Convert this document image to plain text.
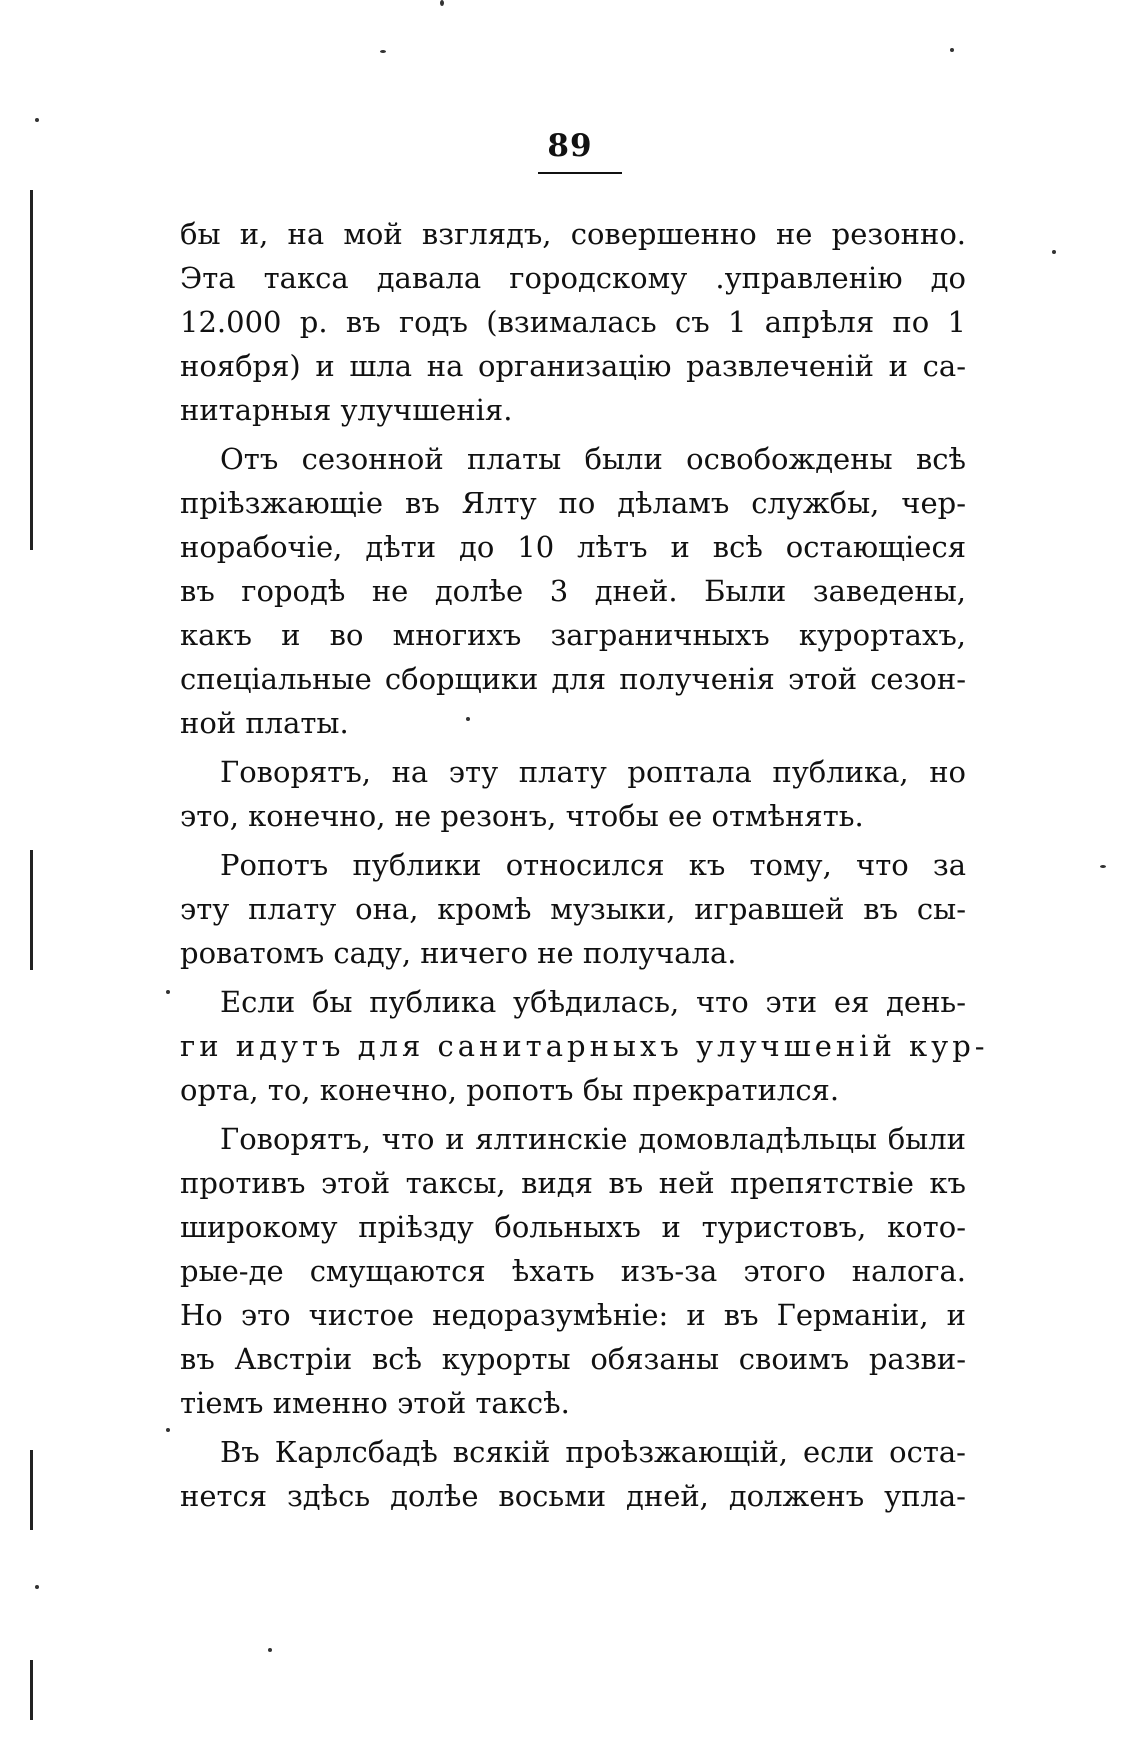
89
бы и, на мой взглядъ, совершенно не резонно.
Эта такса давала городскому .управленію до
12.000 р. въ годъ (взималась съ 1 апрѣля по 1
ноября) и шла на организацію развлеченій и са-
нитарныя улучшенія.
Отъ сезонной платы были освобождены всѣ
пріѣзжающіе въ Ялту по дѣламъ службы, чер-
норабочіе, дѣти до 10 лѣтъ и всѣ остающіеся
въ городѣ не долѣе 3 дней. Были заведены,
какъ и во многихъ заграничныхъ курортахъ,
спеціальные сборщики для полученія этой сезон-
ной платы.
Говорятъ, на эту плату роптала публика, но
это, конечно, не резонъ, чтобы ее отмѣнять.
Ропотъ публики относился къ тому, что за
эту плату она, кромѣ музыки, игравшей въ сы-
роватомъ саду, ничего не получала.
Если бы публика убѣдилась, что эти ея день-
ги идутъ для санитарныхъ улучшеній кур-
орта, то, конечно, ропотъ бы прекратился.
Говорятъ, что и ялтинскіе домовладѣльцы были
противъ этой таксы, видя въ ней препятствіе къ
широкому пріѣзду больныхъ и туристовъ, кото-
рые-де смущаются ѣхать изъ-за этого налога.
Но это чистое недоразумѣніе: и въ Германіи, и
въ Австріи всѣ курорты обязаны своимъ разви-
тіемъ именно этой таксѣ.
Въ Карлсбадѣ всякій проѣзжающій, если оста-
нется здѣсь долѣе восьми дней, долженъ упла-
